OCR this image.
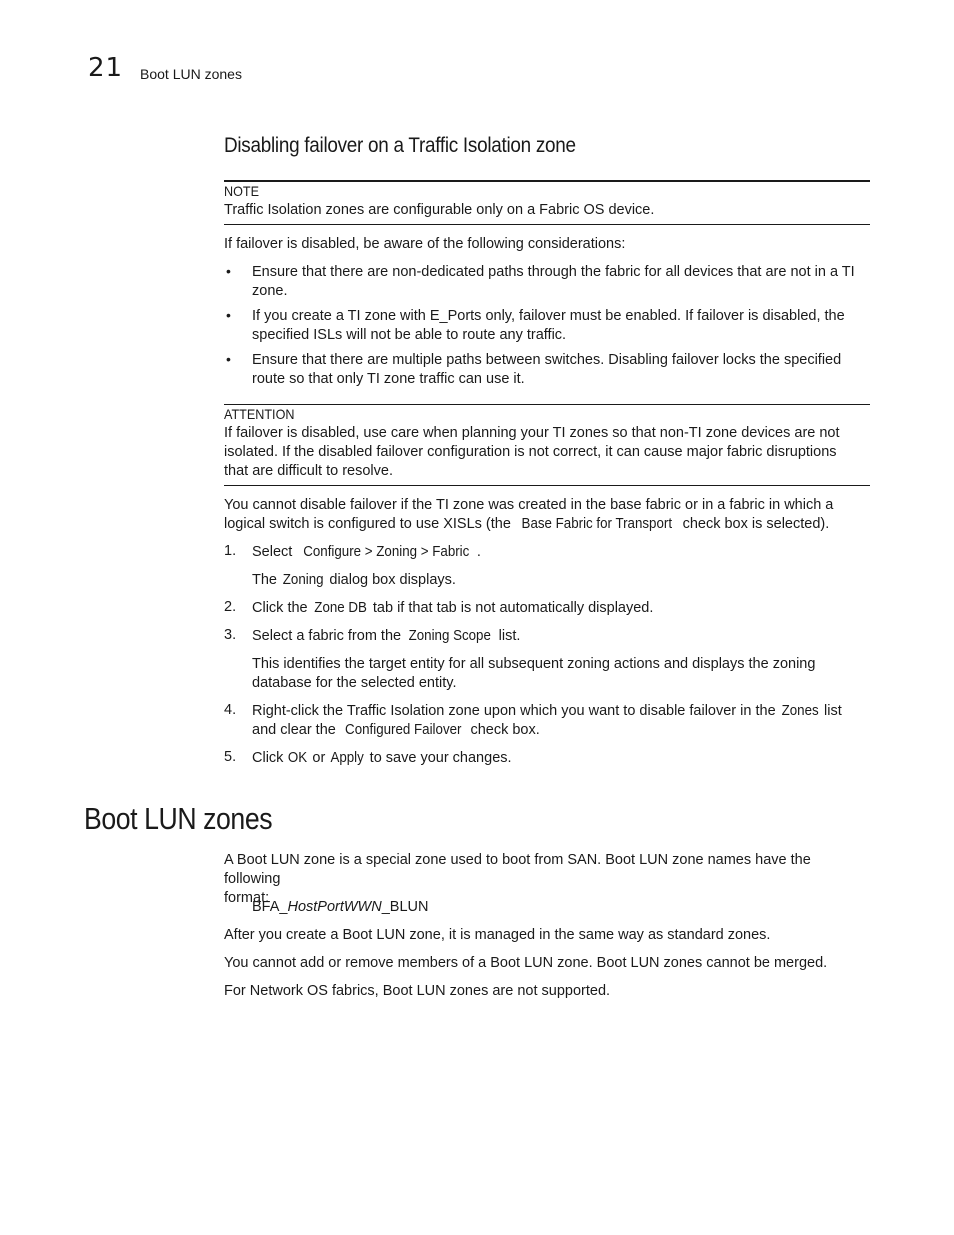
21 Boot LUN zones
Disabling failover on a Traffic Isolation zone
NOTE
Traffic Isolation zones are configurable only on a Fabric OS device.
If failover is disabled, be aware of the following considerations:
• Ensure that there are non-dedicated paths through the fabric for all devices that are not in a TI
zone.
• If you create a TI zone with E_Ports only, failover must be enabled. If failover is disabled, the
specified ISLs will not be able to route any traffic.
• Ensure that there are multiple paths between switches. Disabling failover locks the specified
route so that only TI zone traffic can use it.
ATTENTION
If failover is disabled, use care when planning your TI zones so that non-TI zone devices are not
isolated. If the disabled failover configuration is not correct, it can cause major fabric disruptions
that are difficult to resolve.
You cannot disable failover if the TI zone was created in the base fabric or in a fabric in which a
logical switch is configured to use XISLs (the Base Fabric for Transport check box is selected).
1. Select Configure > Zoning > Fabric .
The Zoning dialog box displays.
2. Click the Zone DB tab if that tab is not automatically displayed.
3. Select a fabric from the Zoning Scope list.
This identifies the target entity for all subsequent zoning actions and displays the zoning
database for the selected entity.
4. Right-click the Traffic Isolation zone upon which you want to disable failover in the Zones list
and clear the Configured Failover check box.
5. Click OK or Apply to save your changes.
Boot LUN zones
A Boot LUN zone is a special zone used to boot from SAN. Boot LUN zone names have the following
format:
BFA_HostPortWWN_BLUN
After you create a Boot LUN zone, it is managed in the same way as standard zones.
You cannot add or remove members of a Boot LUN zone. Boot LUN zones cannot be merged.
For Network OS fabrics, Boot LUN zones are not supported.
